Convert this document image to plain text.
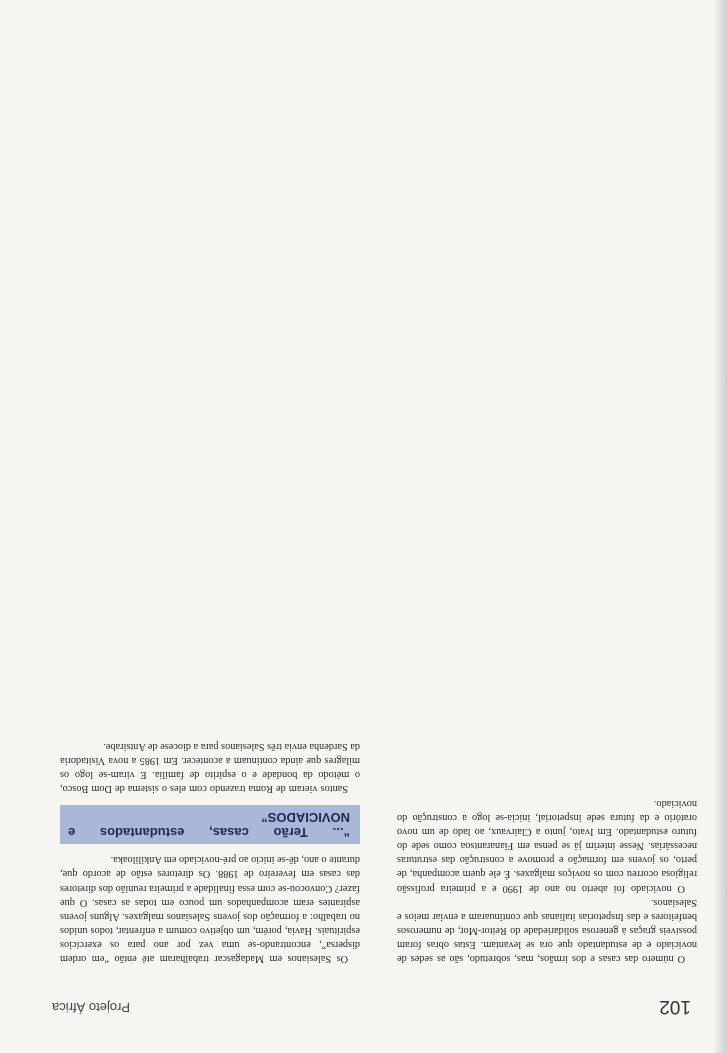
102
Projeto África

O número das casas e dos irmãos, mas, sobretudo, são as sedes de noviciado e de estudantado que ora se levantam. Estas obras foram possíveis graças à generosa solidariedade do Reitor-Mor, de numerosos benfeitores e das Inspetorias italianas que continuaram a enviar meios e Salesianos.

O noviciado foi aberto no ano de 1990 e a primeira profissão religiosa ocorreu com os noviços malgaxes. É ele quem acompanha, de perto, os jovens em formação e promove a construção das estruturas necessárias. Nesse ínterim já se pensa em Fianarantsoa como sede do futuro estudantado. Em Ivato, junto a Clairvaux, ao lado de um novo oratório e da futura sede inspetorial, inicia-se logo a construção do noviciado.

Os Salesianos em Madagascar trabalharam até então “em ordem dispersa”, encontrando-se uma vez por ano para os exercícios espirituais. Havia, porém, um objetivo comum a enfrentar, todos unidos no trabalho: a formação dos jovens Salesianos malgaxes. Alguns jovens aspirantes eram acompanhados um pouco em todas as casas. O que fazer? Convocou-se com essa finalidade a primeira reunião dos diretores das casas em fevereiro de 1988. Os diretores estão de acordo que, durante o ano, dê-se início ao pré-noviciado em Ankililoaka.

“... Terão casas, estudantados e NOVICIADOS”

Santos vieram de Roma trazendo com eles o sistema de Dom Bosco, o método da bondade e o espírito de família. E viram-se logo os milagres que ainda continuam a acontecer. Em 1985 a nova Visitadoria da Sardenha envia três Salesianos para a diocese de Antsirabe.
